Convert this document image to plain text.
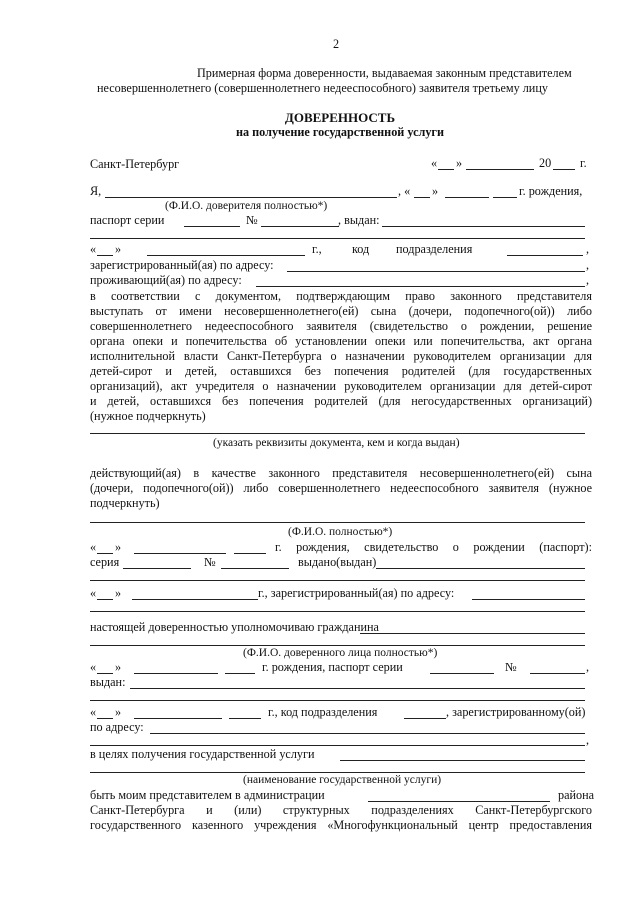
2
Примерная форма доверенности, выдаваемая законным представителем
несовершеннолетнего (совершеннолетнего недееспособного) заявителя третьему лицу
ДОВЕРЕННОСТЬ
на получение государственной услуги
Санкт-Петербург	« »	20 г.
Я,	, « »	г. рождения,
(Ф.И.О. доверителя полностью*)
паспорт серии	№	, выдан:
« »	г., код подразделения	,
зарегистрированный(ая) по адресу:	,
проживающий(ая) по адресу:	,
в соответствии с документом, подтверждающим право законного представителя
выступать от имени несовершеннолетнего(ей) сына (дочери, подопечного(ой)) либо
совершеннолетнего недееспособного заявителя (свидетельство о рождении, решение
органа опеки и попечительства об установлении опеки или попечительства, акт органа
исполнительной власти Санкт-Петербурга о назначении руководителем организации для
детей-сирот и детей, оставшихся без попечения родителей (для государственных
организаций), акт учредителя о назначении руководителем организации для детей-сирот
и детей, оставшихся без попечения родителей (для негосударственных организаций)
(нужное подчеркнуть)
(указать реквизиты документа, кем и когда выдан)
действующий(ая) в качестве законного представителя несовершеннолетнего(ей) сына
(дочери, подопечного(ой)) либо совершеннолетнего недееспособного заявителя (нужное
подчеркнуть)
(Ф.И.О. полностью*)
« »	г. рождения, свидетельство о рождении (паспорт):
серия	№	выдано(выдан)
« »	г., зарегистрированный(ая) по адресу:
настоящей доверенностью уполномочиваю гражданина
(Ф.И.О. доверенного лица полностью*)
« »	г. рождения, паспорт серии	№	,
выдан:
« »	г., код подразделения	, зарегистрированному(ой)
по адресу:
,
в целях получения государственной услуги
(наименование государственной услуги)
быть моим представителем в администрации	района
Санкт-Петербурга и (или) структурных подразделениях Санкт-Петербургского
государственного казенного учреждения «Многофункциональный центр предоставления
